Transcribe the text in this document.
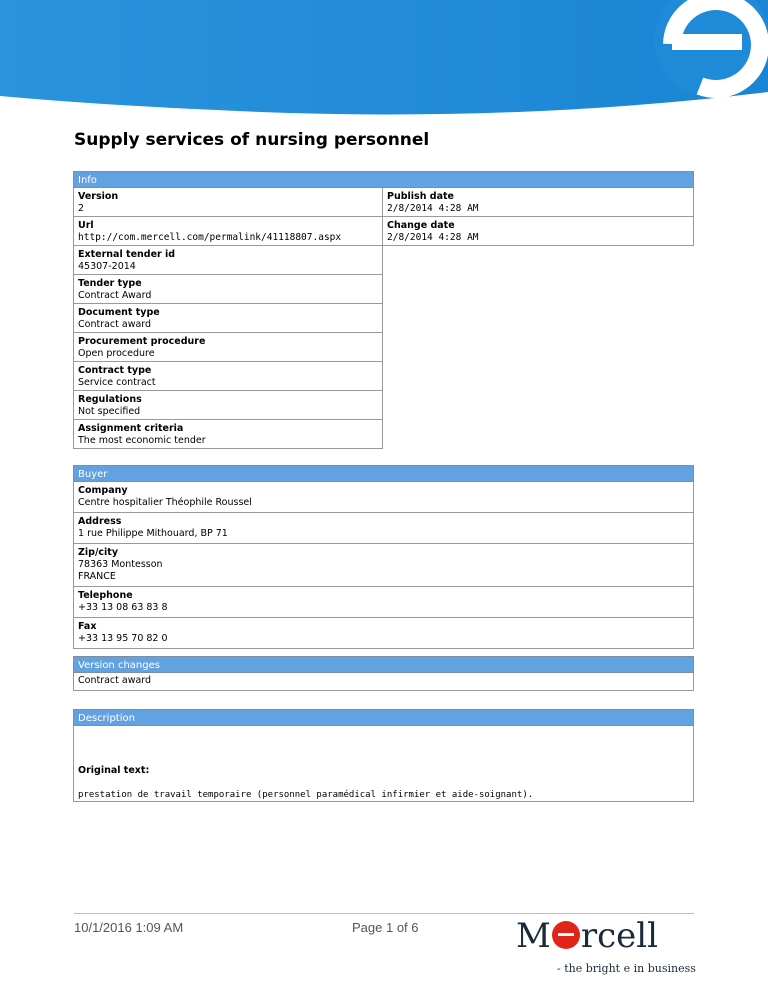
Supply services of nursing personnel
Info
Version
2
Url
http://com.mercell.com/permalink/41118807.aspx
External tender id
45307-2014
Tender type
Contract Award
Document type
Contract award
Procurement procedure
Open procedure
Contract type
Service contract
Regulations
Not specified
Assignment criteria
The most economic tender
Publish date
2/8/2014 4:28 AM
Change date
2/8/2014 4:28 AM
Buyer
Company
Centre hospitalier Théophile Roussel
Address
1 rue Philippe Mithouard, BP 71
Zip/city
78363 Montesson
FRANCE
Telephone
+33 13 08 63 83 8
Fax
+33 13 95 70 82 0
Version changes
Contract award
Description
Original text:
prestation de travail temporaire (personnel paramédical infirmier et aide-soignant).
10/1/2016 1:09 AM	Page 1 of 6	M rcell
- the bright e in business
